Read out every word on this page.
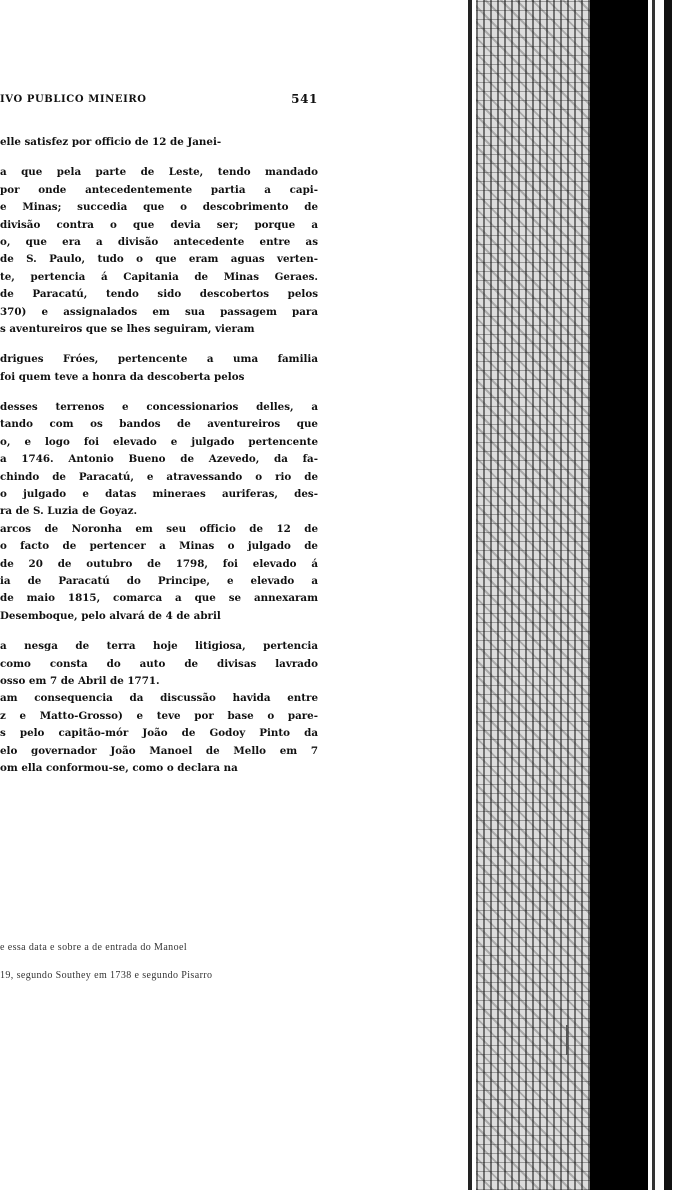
IVO PUBLICO MINEIRO	541
elle satisfez por officio de 12 de Janei-
a que pela parte de Leste, tendo mandado
por onde antecedentemente partia a capi-
e Minas; succedia que o descobrimento de
divisão contra o que devia ser; porque a
o, que era a divisão antecedente entre as
de S. Paulo, tudo o que eram aguas verten-
te, pertencia á Capitania de Minas Geraes.
de Paracatú, tendo sido descobertos pelos
370) e assignalados em sua passagem para
s aventureiros que se lhes seguiram, vieram
drigues Fróes, pertencente a uma familia
foi quem teve a honra da descoberta pelos
desses terrenos e concessionarios delles, a
tando com os bandos de aventureiros que
o, e logo foi elevado e julgado pertencente
a 1746. Antonio Bueno de Azevedo, da fa-
chindo de Paracatú, e atravessando o rio de
o julgado e datas mineraes auriferas, des-
ra de S. Luzia de Goyaz.
arcos de Noronha em seu officio de 12 de
o facto de pertencer a Minas o julgado de
de 20 de outubro de 1798, foi elevado á
ia de Paracatú do Principe, e elevado a
de maio 1815, comarca a que se annexaram
Desemboque, pelo alvará de 4 de abril
a nesga de terra hoje litigiosa, pertencia
como consta do auto de divisas lavrado
osso em 7 de Abril de 1771.
am consequencia da discussão havida entre
z e Matto-Grosso) e teve por base o pare-
s pelo capitão-mór João de Godoy Pinto da
elo governador João Manoel de Mello em 7
om ella conformou-se, como o declara na
e essa data e sobre a de entrada do Manoel
19, segundo Southey em 1738 e segundo Pisarro
